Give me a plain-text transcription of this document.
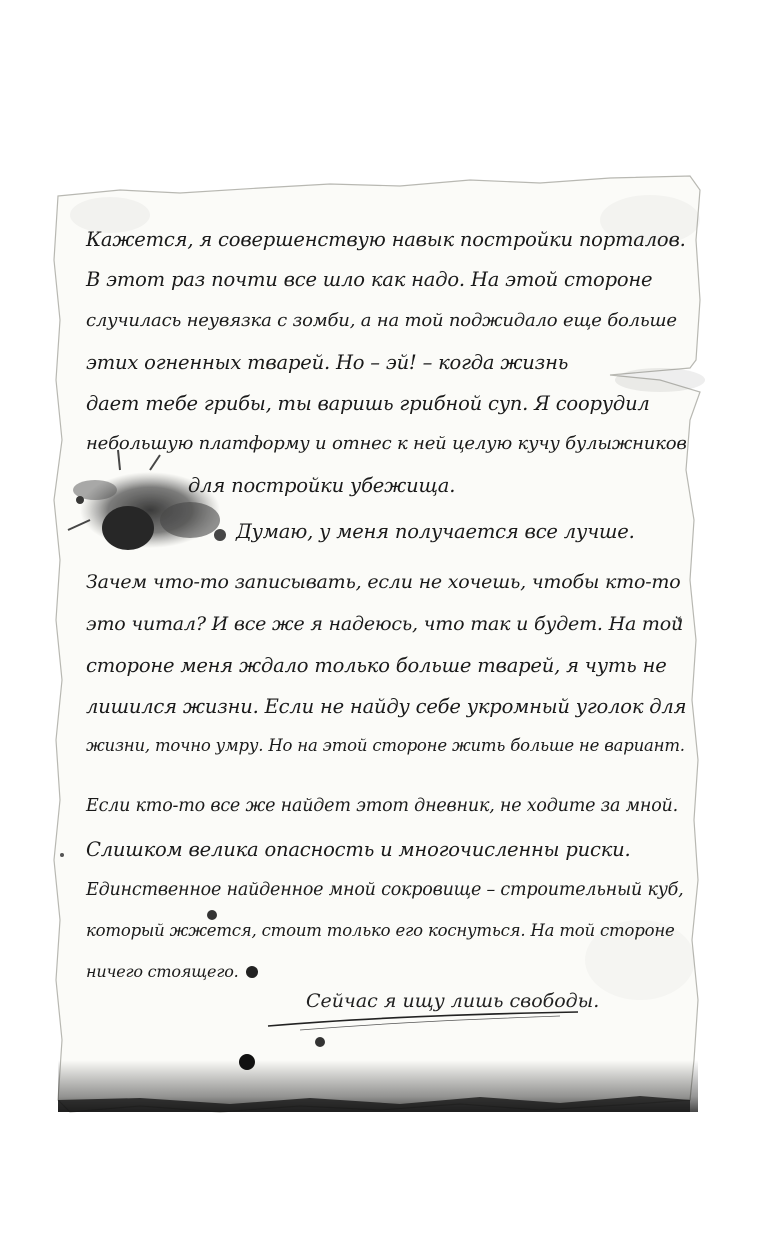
Кажется, я совершенствую навык постройки порталов.
В этот раз почти все шло как надо. На этой стороне
случилась неувязка с зомби, а на той поджидало еще больше
этих огненных тварей. Но – эй! – когда жизнь
дает тебе грибы, ты варишь грибной суп. Я соорудил
небольшую платформу и отнес к ней целую кучу булыжников
для постройки убежища.
Думаю, у меня получается все лучше.
Зачем что-то записывать, если не хочешь, чтобы кто-то
это читал? И все же я надеюсь, что так и будет. На той
стороне меня ждало только больше тварей, я чуть не
лишился жизни. Если не найду себе укромный уголок для
жизни, точно умру. Но на этой стороне жить больше не вариант.
Если кто-то все же найдет этот дневник, не ходите за мной.
Слишком велика опасность и многочисленны риски.
Единственное найденное мной сокровище – строительный куб,
который жжется, стоит только его коснуться. На той стороне
ничего стоящего.
Сейчас я ищу лишь свободы.
